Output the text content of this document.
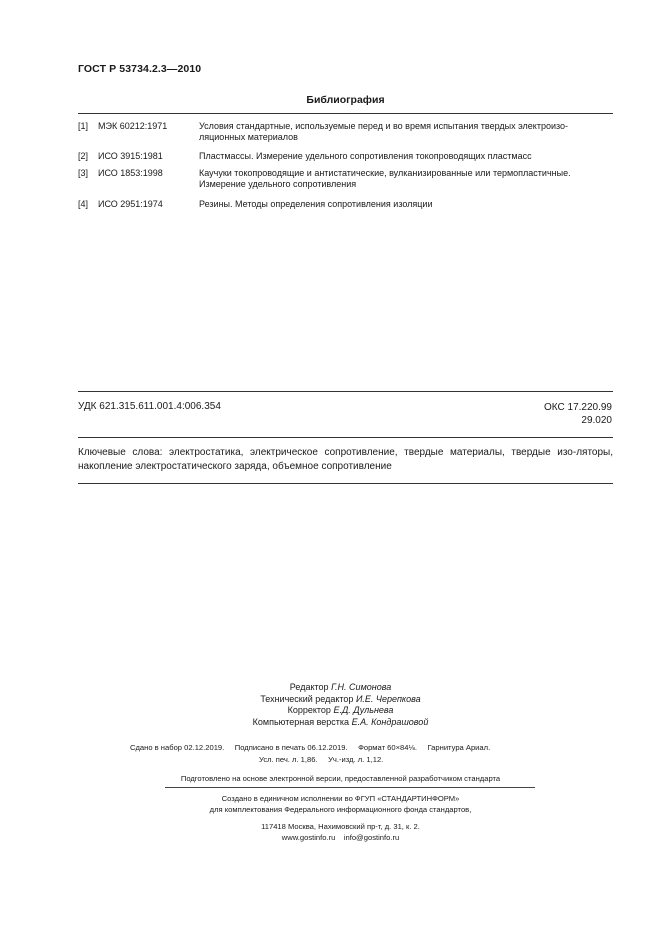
ГОСТ Р 53734.2.3—2010
Библиография
[1] МЭК 60212:1971	Условия стандартные, используемые перед и во время испытания твердых электроизо-ляционных материалов
[2] ИСО 3915:1981	Пластмассы. Измерение удельного сопротивления токопроводящих пластмасс
[3] ИСО 1853:1998	Каучуки токопроводящие и антистатические, вулканизированные или термопластичные. Измерение удельного сопротивления
[4] ИСО 2951:1974	Резины. Методы определения сопротивления изоляции
УДК 621.315.611.001.4:006.354	ОКС 17.220.99
29.020
Ключевые слова: электростатика, электрическое сопротивление, твердые материалы, твердые изо-ляторы, накопление электростатического заряда, объемное сопротивление
Редактор Г.Н. Симонова
Технический редактор И.Е. Черепкова
Корректор Е.Д. Дульнева
Компьютерная верстка Е.А. Кондрашовой
Сдано в набор 02.12.2019.     Подписано в печать 06.12.2019.     Формат 60×84⅛.     Гарнитура Ариал.
Усл. печ. л. 1,86.     Уч.-изд. л. 1,12.
Подготовлено на основе электронной версии, предоставленной разработчиком стандарта
Создано в единичном исполнении во ФГУП «СТАНДАРТИНФОРМ»
для комплектования Федерального информационного фонда стандартов,
117418 Москва, Нахимовский пр-т, д. 31, к. 2.
www.gostinfo.ru info@gostinfo.ru
